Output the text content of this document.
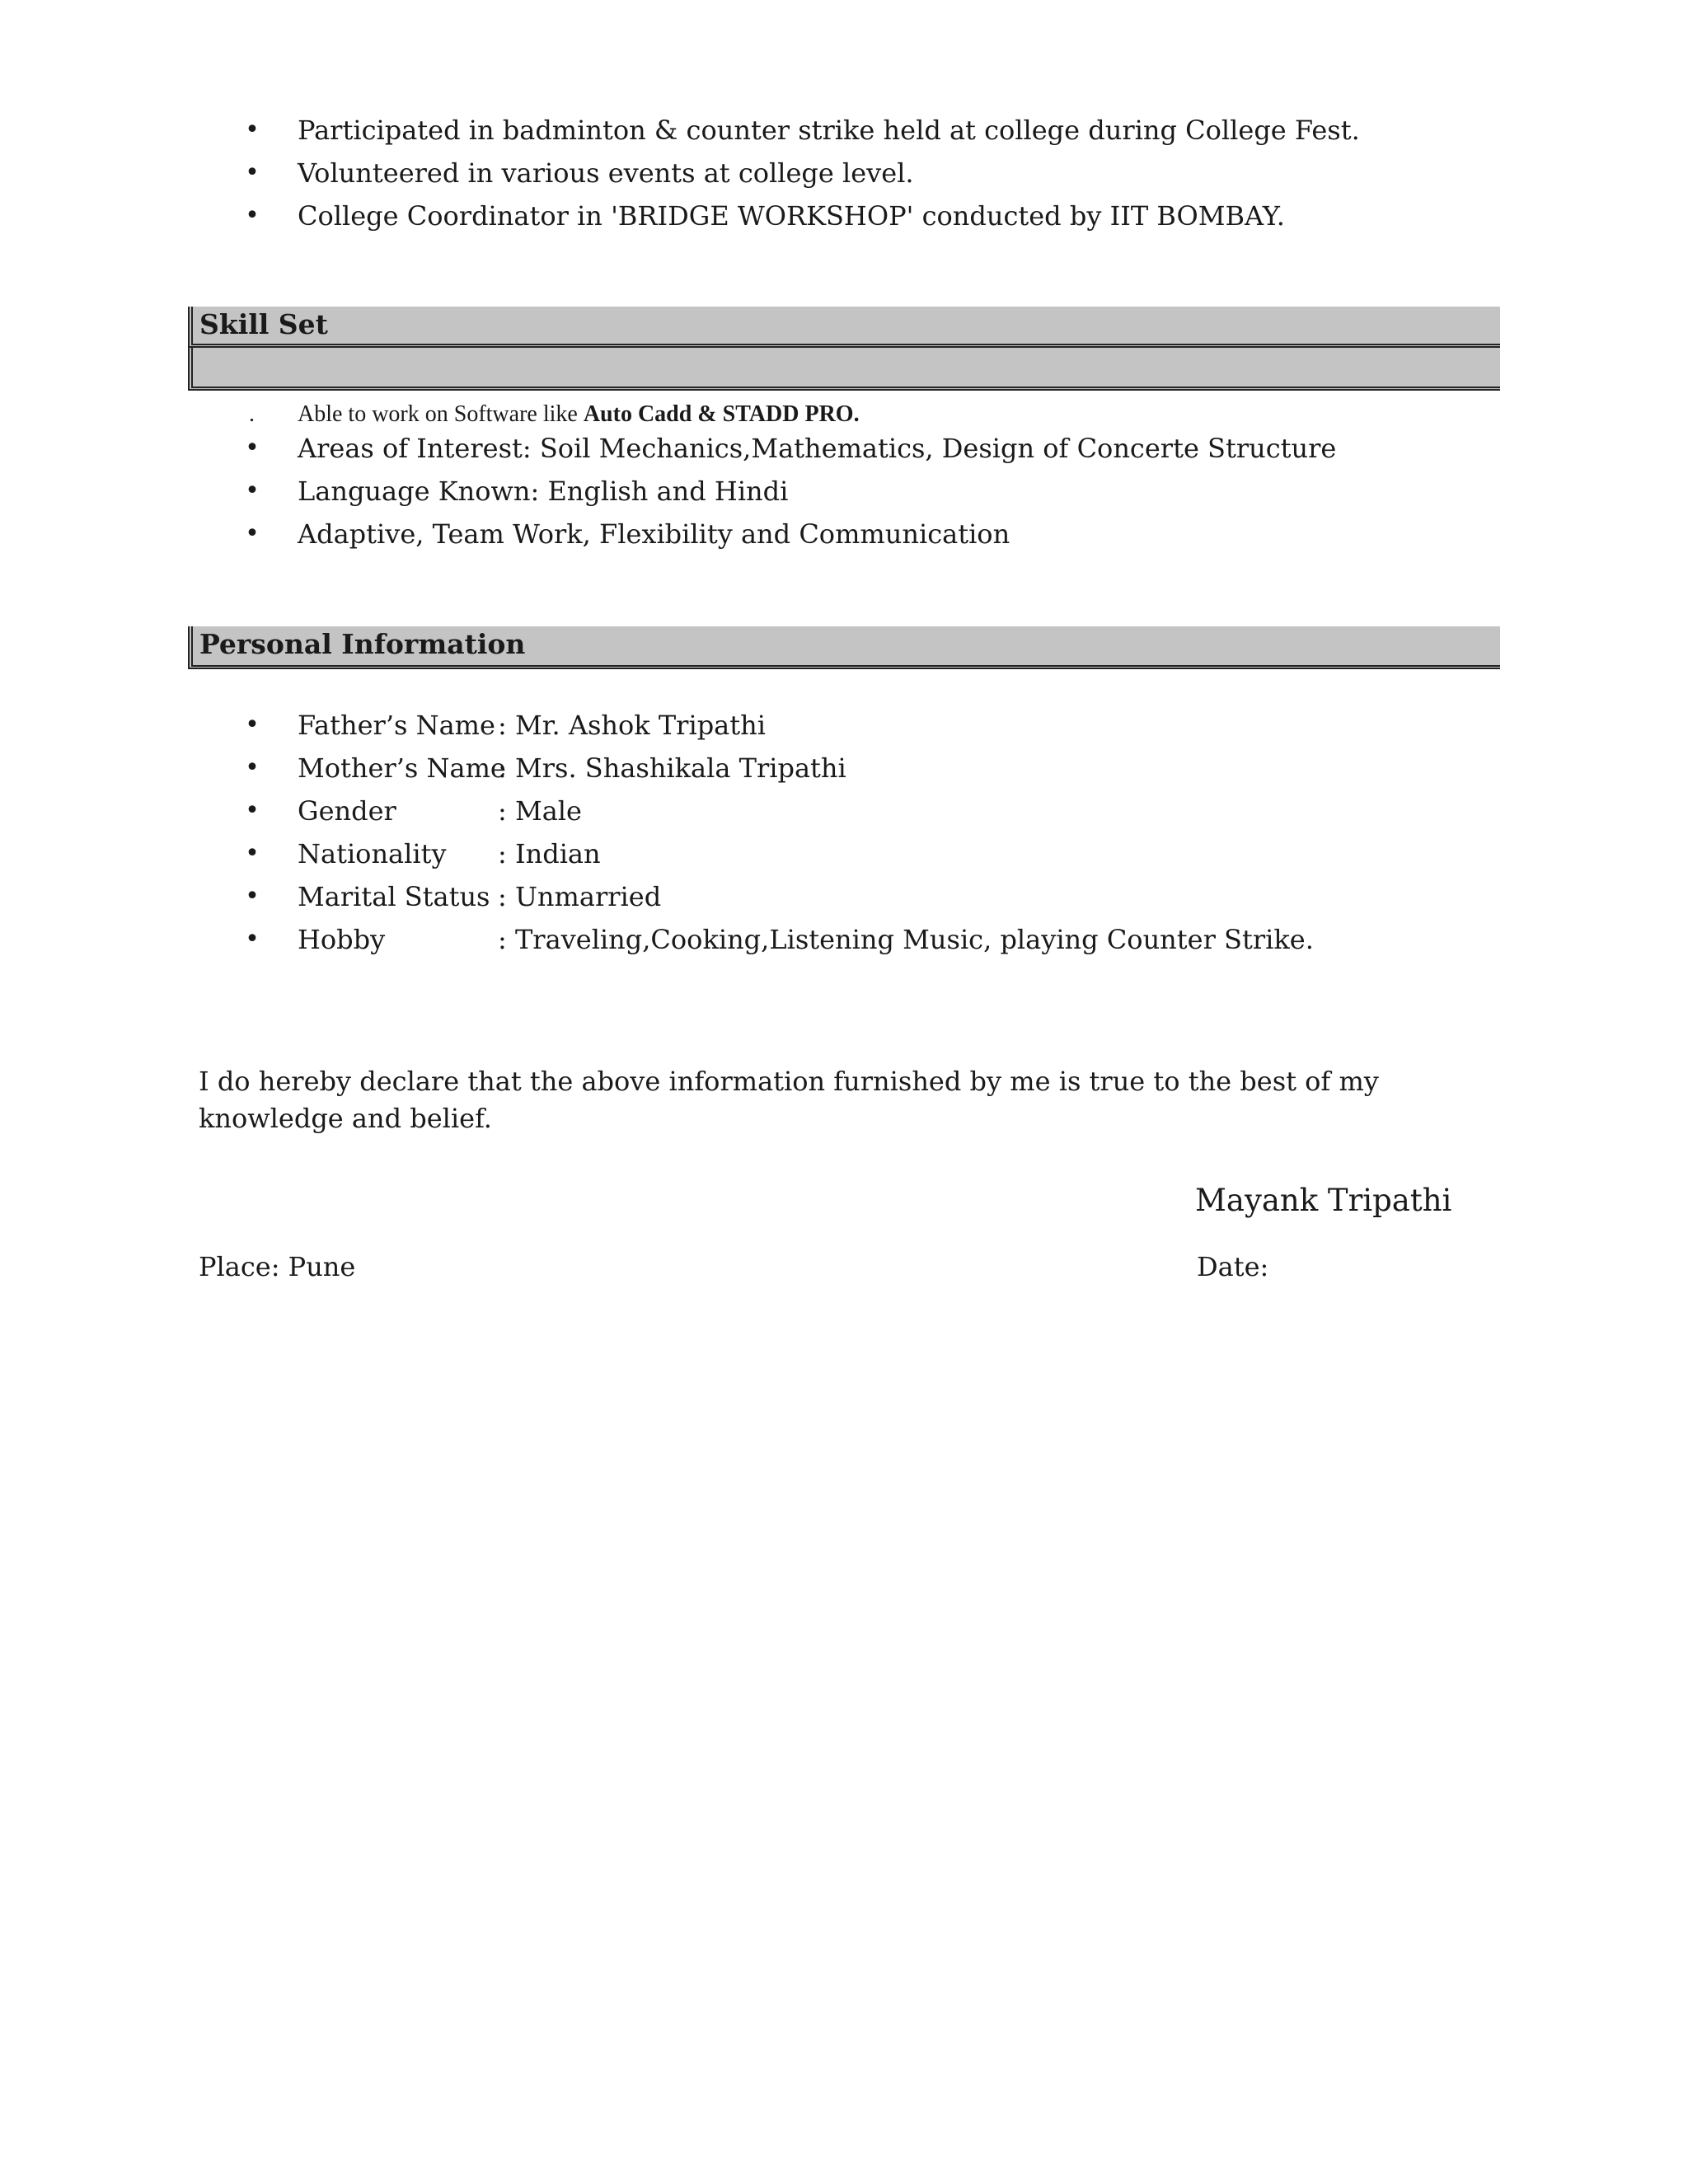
• Participated in badminton & counter strike held at college during College Fest.
• Volunteered in various events at college level.
• College Coordinator in 'BRIDGE WORKSHOP' conducted by IIT BOMBAY.
Skill Set
. Able to work on Software like Auto Cadd & STADD PRO.
• Areas of Interest: Soil Mechanics,Mathematics, Design of Concerte Structure
• Language Known: English and Hindi
• Adaptive, Team Work, Flexibility and Communication
Personal Information
• Father’s Name: Mr. Ashok Tripathi
• Mother’s Name: Mrs. Shashikala Tripathi
• Gender	: Male
• Nationality : Indian
• Marital Status : Unmarried
• Hobby	: Traveling,Cooking,Listening Music, playing Counter Strike.
I do hereby declare that the above information furnished by me is true to the best of my knowledge and belief.
Mayank Tripathi
Place: Pune	Date:
